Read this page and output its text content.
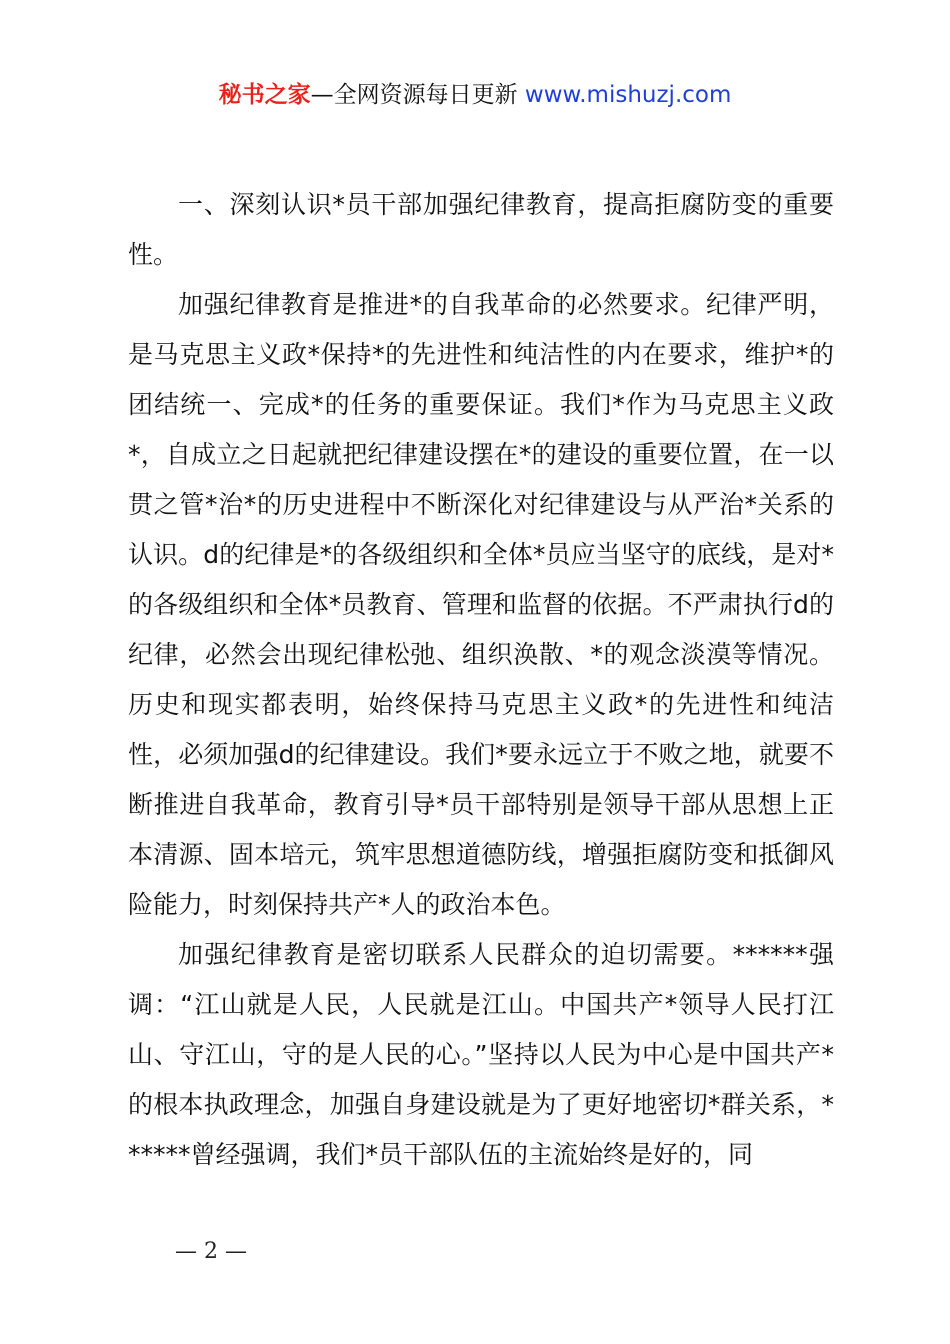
秘书之家—全网资源每日更新 www.mishuzj.com

一、深刻认识*员干部加强纪律教育，提高拒腐防变的重要性。

加强纪律教育是推进*的自我革命的必然要求。纪律严明，是马克思主义政*保持*的先进性和纯洁性的内在要求，维护*的团结统一、完成*的任务的重要保证。我们*作为马克思主义政*，自成立之日起就把纪律建设摆在*的建设的重要位置，在一以贯之管*治*的历史进程中不断深化对纪律建设与从严治*关系的认识。d的纪律是*的各级组织和全体*员应当坚守的底线，是对*的各级组织和全体*员教育、管理和监督的依据。不严肃执行d的纪律，必然会出现纪律松弛、组织涣散、*的观念淡漠等情况。历史和现实都表明，始终保持马克思主义政*的先进性和纯洁性，必须加强d的纪律建设。我们*要永远立于不败之地，就要不断推进自我革命，教育引导*员干部特别是领导干部从思想上正本清源、固本培元，筑牢思想道德防线，增强拒腐防变和抵御风险能力，时刻保持共产*人的政治本色。

加强纪律教育是密切联系人民群众的迫切需要。******强调：“江山就是人民，人民就是江山。中国共产*领导人民打江山、守江山，守的是人民的心。”坚持以人民为中心是中国共产*的根本执政理念，加强自身建设就是为了更好地密切*群关系，******曾经强调，我们*员干部队伍的主流始终是好的，同

— 2 —
